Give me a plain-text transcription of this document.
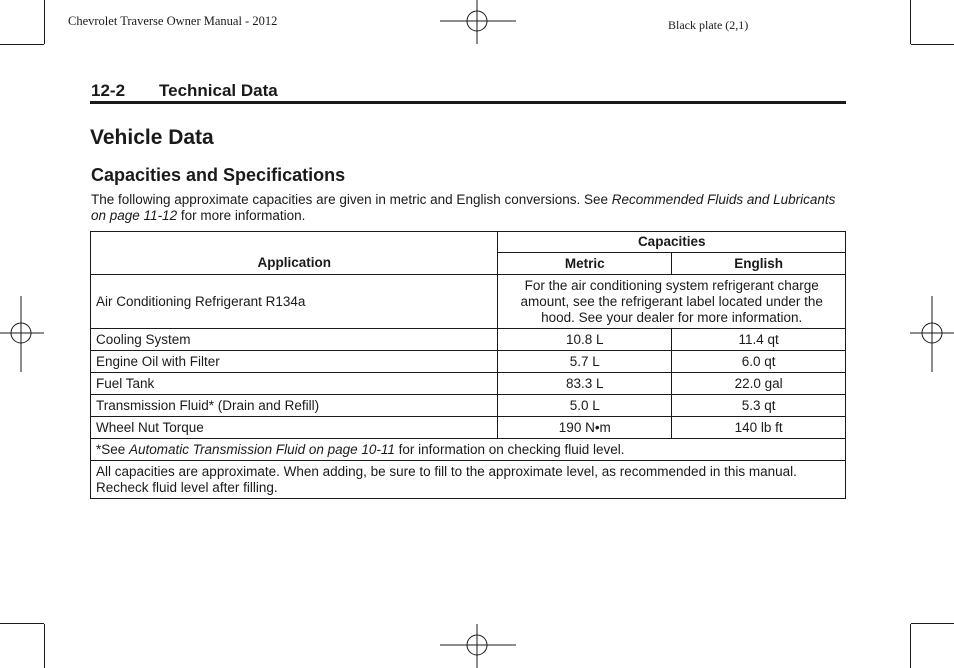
Chevrolet Traverse Owner Manual - 2012	Black plate (2,1)
12-2 Technical Data
Vehicle Data
Capacities and Specifications
The following approximate capacities are given in metric and English conversions. See Recommended Fluids and Lubricants on page 11-12 for more information.
Application	Capacities	
	Metric	English
Air Conditioning Refrigerant R134a	For the air conditioning system refrigerant charge amount, see the refrigerant label located under the hood. See your dealer for more information.	
Cooling System	10.8 L	11.4 qt
Engine Oil with Filter	5.7 L	6.0 qt
Fuel Tank	83.3 L	22.0 gal
Transmission Fluid* (Drain and Refill)	5.0 L	5.3 qt
Wheel Nut Torque	190 N•m	140 lb ft
*See Automatic Transmission Fluid on page 10-11 for information on checking fluid level.		
All capacities are approximate. When adding, be sure to fill to the approximate level, as recommended in this manual. Recheck fluid level after filling.		
